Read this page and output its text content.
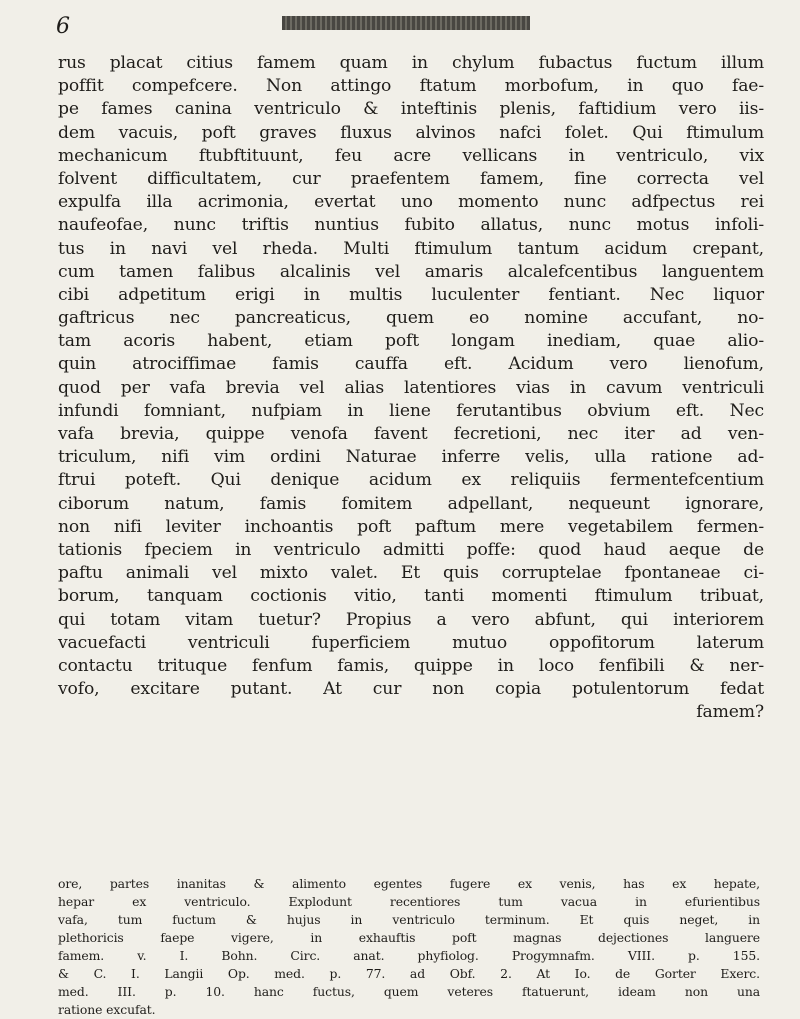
6
rus placat citius famem quam in chylum fubactus fuctum illum
poffit compefcere. Non attingo ftatum morbofum, in quo fae-
pe fames canina ventriculo & inteftinis plenis, faftidium vero iis-
dem vacuis, poft graves fluxus alvinos nafci folet. Qui ftimulum
mechanicum ftubftituunt, feu acre vellicans in ventriculo, vix
folvent difficultatem, cur praefentem famem, fine correcta vel
expulfa illa acrimonia, evertat uno momento nunc adfpectus rei
naufeofae, nunc triftis nuntius fubito allatus, nunc motus infoli-
tus in navi vel rheda. Multi ftimulum tantum acidum crepant,
cum tamen falibus alcalinis vel amaris alcalefcentibus languentem
cibi adpetitum erigi in multis luculenter fentiant. Nec liquor
gaftricus nec pancreaticus, quem eo nomine accufant, no-
tam acoris habent, etiam poft longam inediam, quae alio-
quin atrociffimae famis cauffa eft. Acidum vero lienofum,
quod per vafa brevia vel alias latentiores vias in cavum ventriculi
infundi fomniant, nufpiam in liene ferutantibus obvium eft. Nec
vafa brevia, quippe venofa favent fecretioni, nec iter ad ven-
triculum, nifi vim ordini Naturae inferre velis, ulla ratione ad-
ftrui poteft. Qui denique acidum ex reliquiis fermentefcentium
ciborum natum, famis fomitem adpellant, nequeunt ignorare,
non nifi leviter inchoantis poft paftum mere vegetabilem fermen-
tationis fpeciem in ventriculo admitti poffe: quod haud aeque de
paftu animali vel mixto valet. Et quis corruptelae fpontaneae ci-
borum, tanquam coctionis vitio, tanti momenti ftimulum tribuat,
qui totam vitam tuetur? Propius a vero abfunt, qui interiorem
vacuefacti ventriculi fuperficiem mutuo oppofitorum laterum
contactu trituque fenfum famis, quippe in loco fenfibili & ner-
vofo, excitare putant. At cur non copia potulentorum fedat
famem?
ore, partes inanitas & alimento egentes fugere ex venis, has ex hepate,
hepar ex ventriculo. Explodunt recentiores tum vacua in efurientibus
vafa, tum fuctum & hujus in ventriculo terminum. Et quis neget, in
plethoricis faepe vigere, in exhauftis poft magnas dejectiones languere
famem. v. I. Bohn. Circ. anat. phyfiolog. Progymnafm. VIII. p. 155.
& C. I. Langii Op. med. p. 77. ad Obf. 2. At Io. de Gorter Exerc.
med. III. p. 10. hanc fuctus, quem veteres ftatuerunt, ideam non una
ratione excufat.
